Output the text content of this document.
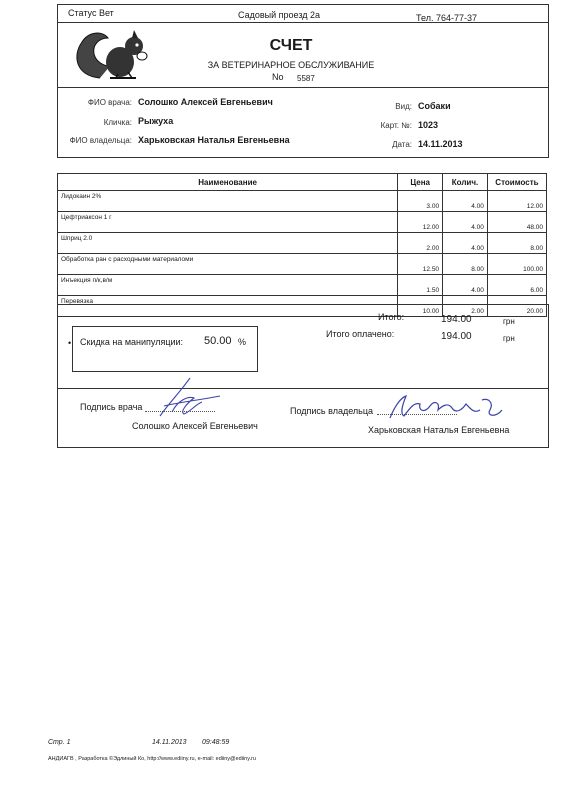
Статус Вет	Садовый проезд 2а	Тел. 764-77-37
СЧЕТ
ЗА ВЕТЕРИНАРНОЕ ОБСЛУЖИВАНИЕ
No 5587
ФИО врача: Солошко Алексей Евгеньевич
Кличка: Рыжуха
ФИО владельца: Харьковская Наталья Евгеньевна
Вид: Собаки
Карт. №: 1023
Дата: 14.11.2013
Наименование	Цена	Колич.	Стоимость
Лидокаин 2%	3.00	4.00	12.00
Цефтриаксон 1 г	12.00	4.00	48.00
Шприц 2.0	2.00	4.00	8.00
Обработка ран с расходными материаломи	12.50	8.00	100.00
Инъекция п/к,в/м	1.50	4.00	6.00
Перевязка	10.00	2.00	20.00
• Скидка на манипуляции: 50.00 %
Итого:	194.00	грн
Итого оплачено:	194.00	грн
Подпись врача
Солошко Алексей Евгеньевич
Подпись владельца
Харьковская Наталья Евгеньевна
Стр. 1	14.11.2013 09:48:59
АНДИАГВ , Разработка ©Эдлиный Ко, http://www.ediiny.ru, e-mail: ediiny@ediiny.ru
